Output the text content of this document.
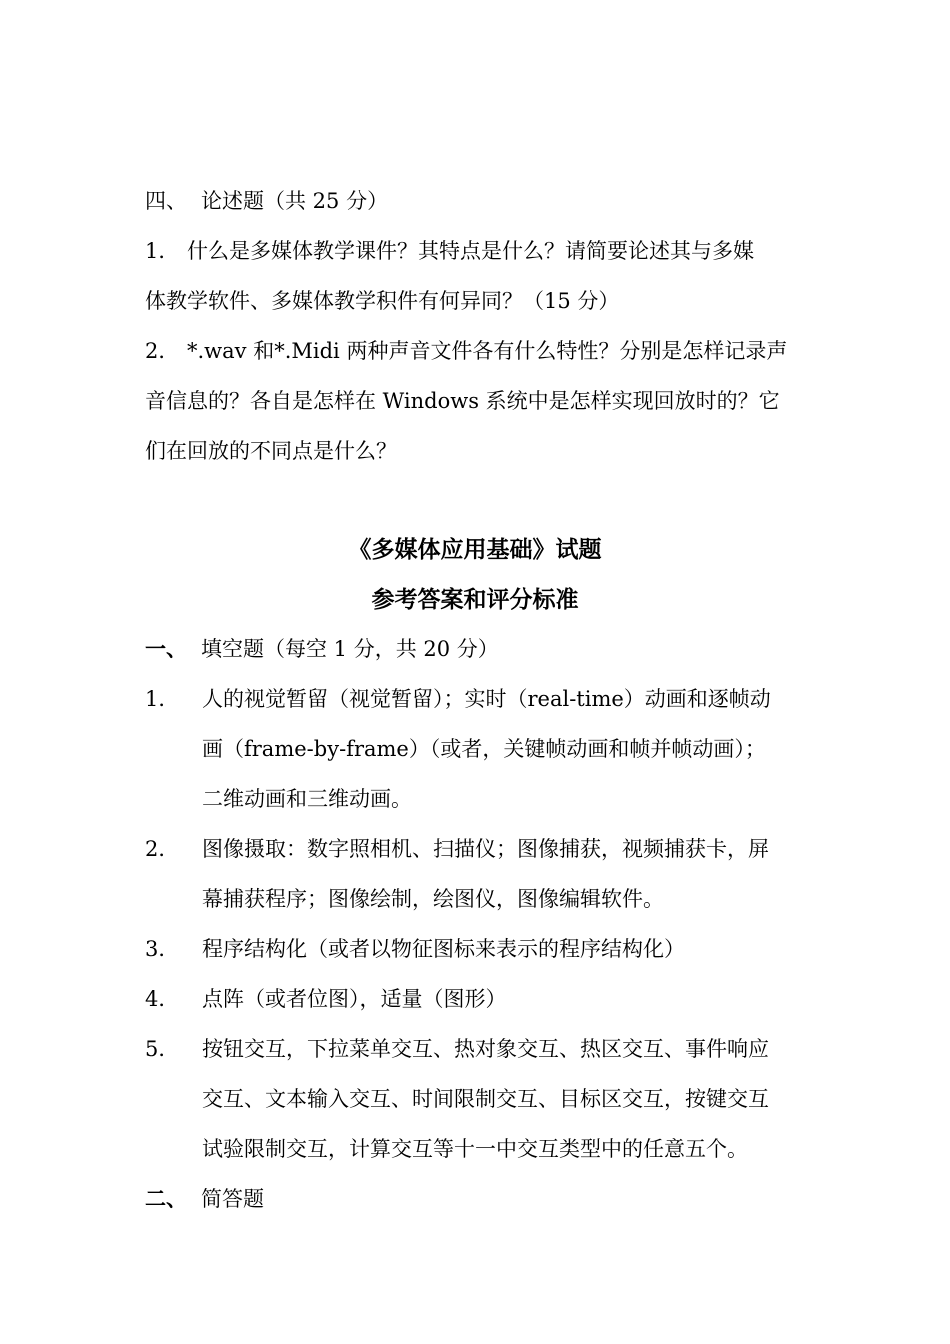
四、 论述题（共 25 分）
1． 什么是多媒体教学课件？其特点是什么？请简要论述其与多媒
体教学软件、多媒体教学积件有何异同？（15 分）
2． *.wav 和*.Midi 两种声音文件各有什么特性？分别是怎样记录声
音信息的？各自是怎样在 Windows 系统中是怎样实现回放时的？它
们在回放的不同点是什么？
《多媒体应用基础》试题
参考答案和评分标准
一、 填空题（每空 1 分，共 20 分）
1． 人的视觉暂留（视觉暂留）；实时（real-time）动画和逐帧动
画（frame-by-frame）（或者，关键帧动画和帧并帧动画）；
二维动画和三维动画。
2． 图像摄取：数字照相机、扫描仪；图像捕获，视频捕获卡，屏
幕捕获程序；图像绘制，绘图仪，图像编辑软件。
3． 程序结构化（或者以物征图标来表示的程序结构化）
4． 点阵（或者位图），适量（图形）
5． 按钮交互，下拉菜单交互、热对象交互、热区交互、事件响应
交互、文本输入交互、时间限制交互、目标区交互，按键交互
试验限制交互，计算交互等十一中交互类型中的任意五个。
二、 简答题
